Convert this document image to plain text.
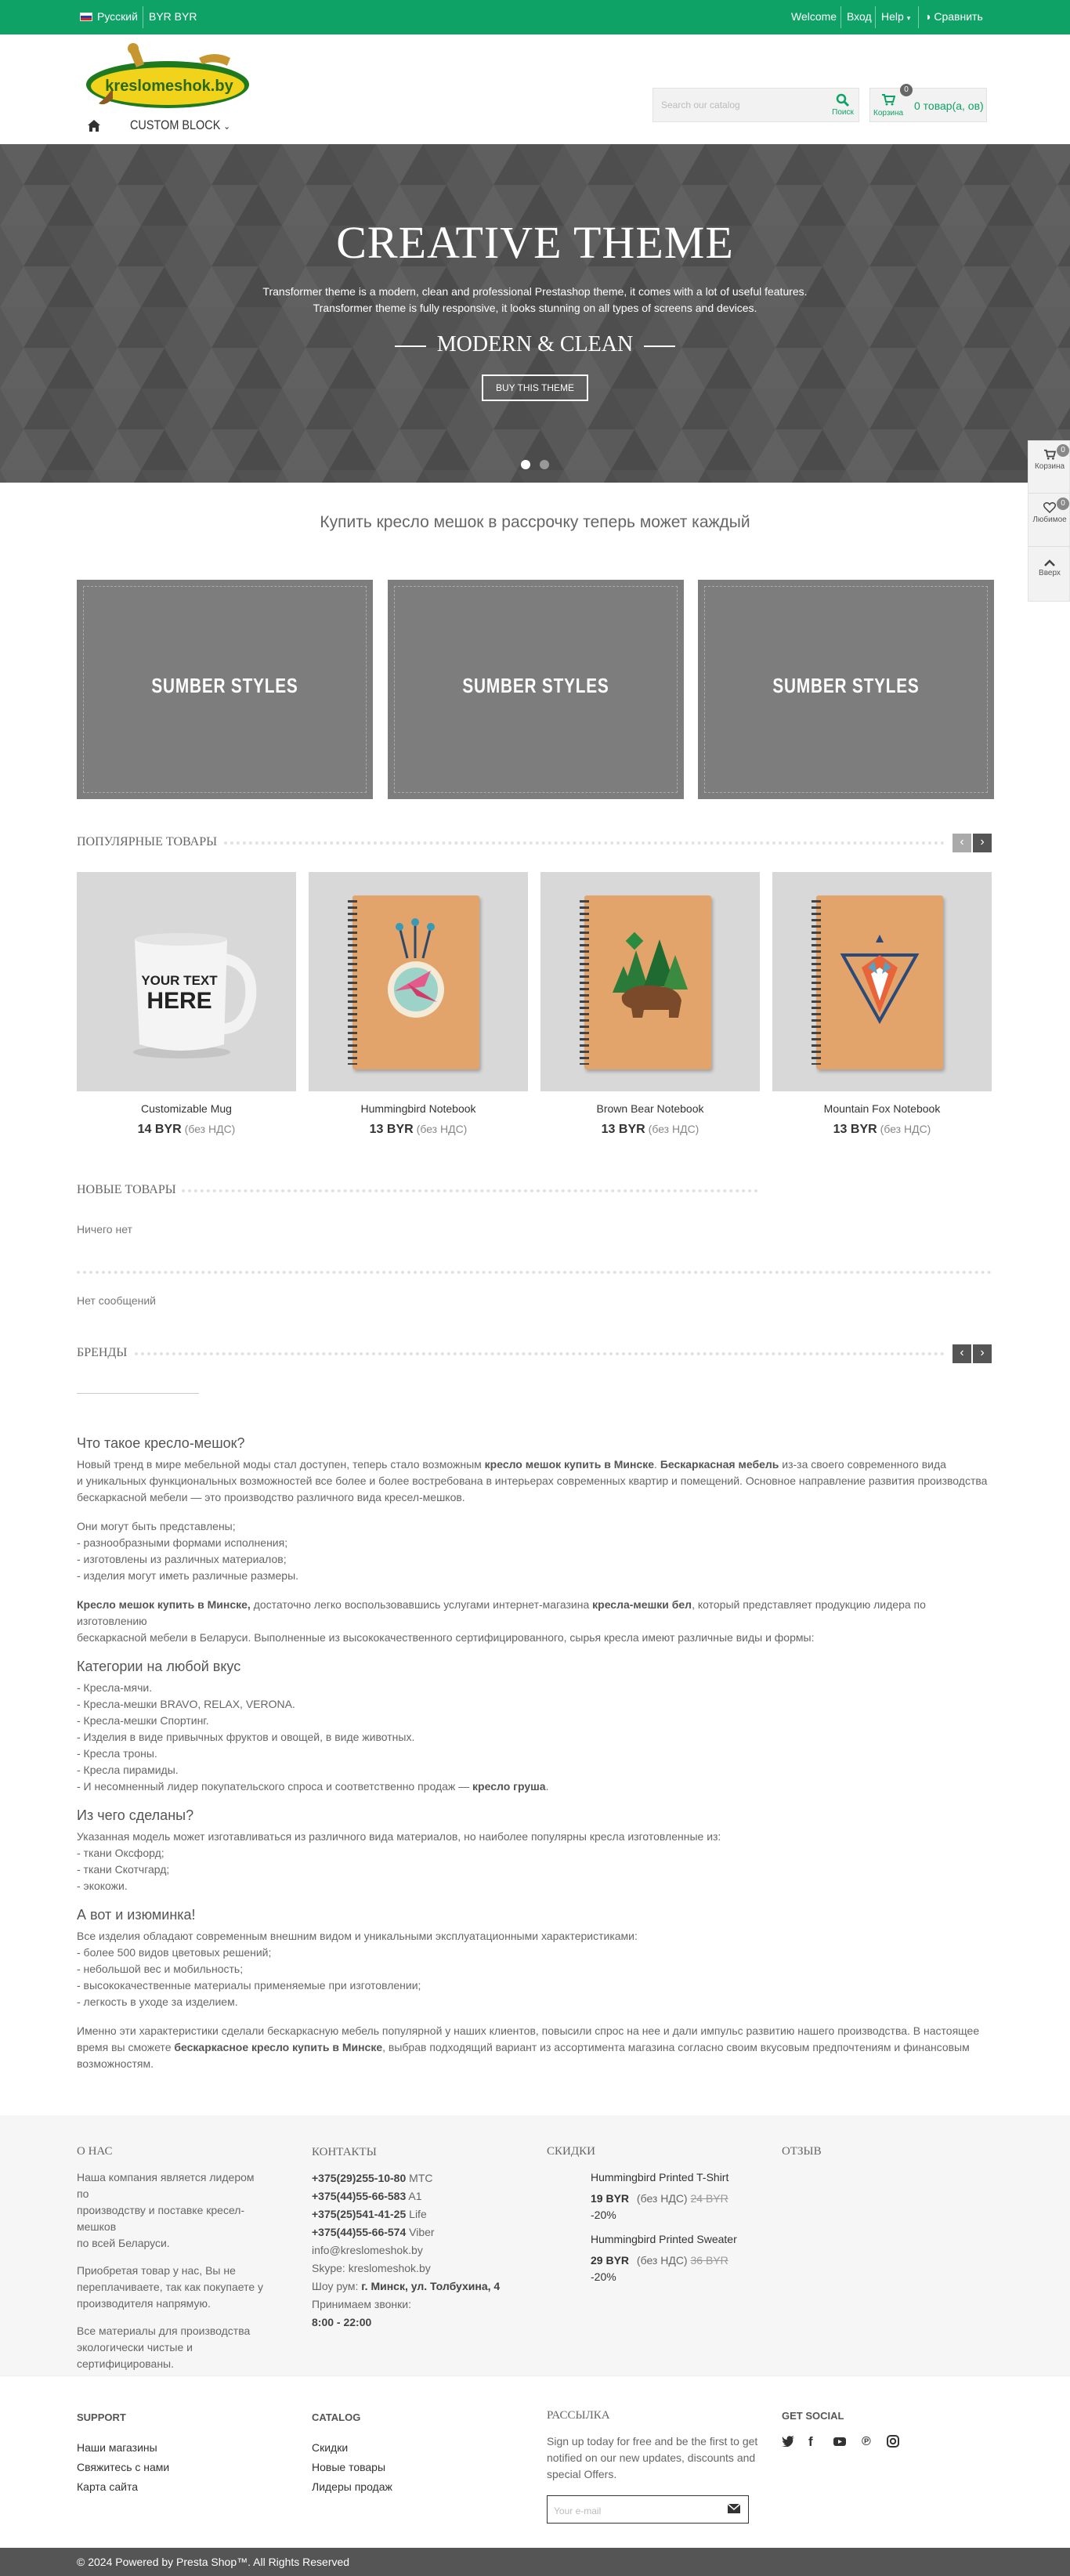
Русский BYR BYR	Welcome Вход Help ▾ ◑ Сравнить
kreslomeshok.by
CUSTOM BLOCK ⌄
Search our catalog
Поиск
0
Корзина
0 товар(а, ов)
CREATIVE THEME
Transformer theme is a modern, clean and professional Prestashop theme, it comes with a lot of useful features.
Transformer theme is fully responsive, it looks stunning on all types of screens and devices.
MODERN & CLEAN
BUY THIS THEME
Купить кресло мешок в рассрочку теперь может каждый
SUMBER STYLES	SUMBER STYLES	SUMBER STYLES
ПОПУЛЯРНЫЕ ТОВАРЫ	‹ ›
YOUR TEXT
HERE
Customizable Mug
14 BYR (без НДС)
Hummingbird Notebook
13 BYR (без НДС)
Brown Bear Notebook
13 BYR (без НДС)
Mountain Fox Notebook
13 BYR (без НДС)
НОВЫЕ ТОВАРЫ
Ничего нет
Нет сообщений
БРЕНДЫ	‹ ›
Что такое кресло-мешок?
Новый тренд в мире мебельной моды стал доступен, теперь стало возможным кресло мешок купить в Минске. Бескаркасная мебель из-за своего современного вида
и уникальных функциональных возможностей все более и более востребована в интерьерах современных квартир и помещений. Основное направление развития производства
бескаркасной мебели — это производство различного вида кресел-мешков.
Они могут быть представлены;
- разнообразными формами исполнения;
- изготовлены из различных материалов;
- изделия могут иметь различные размеры.
Кресло мешок купить в Минске, достаточно легко воспользовавшись услугами интернет-магазина кресла-мешки бел, который представляет продукцию лидера по изготовлению
бескаркасной мебели в Беларуси. Выполненные из высококачественного сертифицированного, сырья кресла имеют различные виды и формы:
Категории на любой вкус
- Кресла-мячи.
- Кресла-мешки BRAVO, RELAX, VERONA.
- Кресла-мешки Спортинг.
- Изделия в виде привычных фруктов и овощей, в виде животных.
- Кресла троны.
- Кресла пирамиды.
- И несомненный лидер покупательского спроса и соответственно продаж — кресло груша.
Из чего сделаны?
Указанная модель может изготавливаться из различного вида материалов, но наиболее популярны кресла изготовленные из:
- ткани Оксфорд;
- ткани Скотчгард;
- экокожи.
А вот и изюминка!
Все изделия обладают современным внешним видом и уникальными эксплуатационными характеристиками:
- более 500 видов цветовых решений;
- небольшой вес и мобильность;
- высококачественные материалы применяемые при изготовлении;
- легкость в уходе за изделием.
Именно эти характеристики сделали бескаркасную мебель популярной у наших клиентов, повысили спрос на нее и дали импульс развитию нашего производства. В настоящее
время вы сможете бескаркасное кресло купить в Минске, выбрав подходящий вариант из ассортимента магазина согласно своим вкусовым предпочтениям и финансовым
возможностям.
О НАС
Наша компания является лидером по
производству и поставке кресел-мешков
по всей Беларуси.
Приобретая товар у нас, Вы не
переплачиваете, так как покупаете у
производителя напрямую.
Все материалы для производства
экологически чистые и
сертифицированы.
КОНТАКТЫ
+375(29)255-10-80 МТС
+375(44)55-66-583 A1
+375(25)541-41-25 Life
+375(44)55-66-574 Viber
info@kreslomeshok.by
Skype: kreslomeshok.by
Шоу рум: г. Минск, ул. Толбухина, 4
Принимаем звонки:
8:00 - 22:00
СКИДКИ
Hummingbird Printed T-Shirt
19 BYR (без НДС) 24 BYR
-20%
Hummingbird Printed Sweater
29 BYR (без НДС) 36 BYR
-20%
ОТЗЫВ
SUPPORT
Наши магазины
Свяжитесь с нами
Карта сайта
CATALOG
Скидки
Новые товары
Лидеры продаж
РАССЫЛКА
Sign up today for free and be the first to get
notified on our new updates, discounts and
special Offers.
Your e-mail
GET SOCIAL
f	℗
© 2024 Powered by Presta Shop™. All Rights Reserved
Корзина
0
Любимое
0
Вверх
